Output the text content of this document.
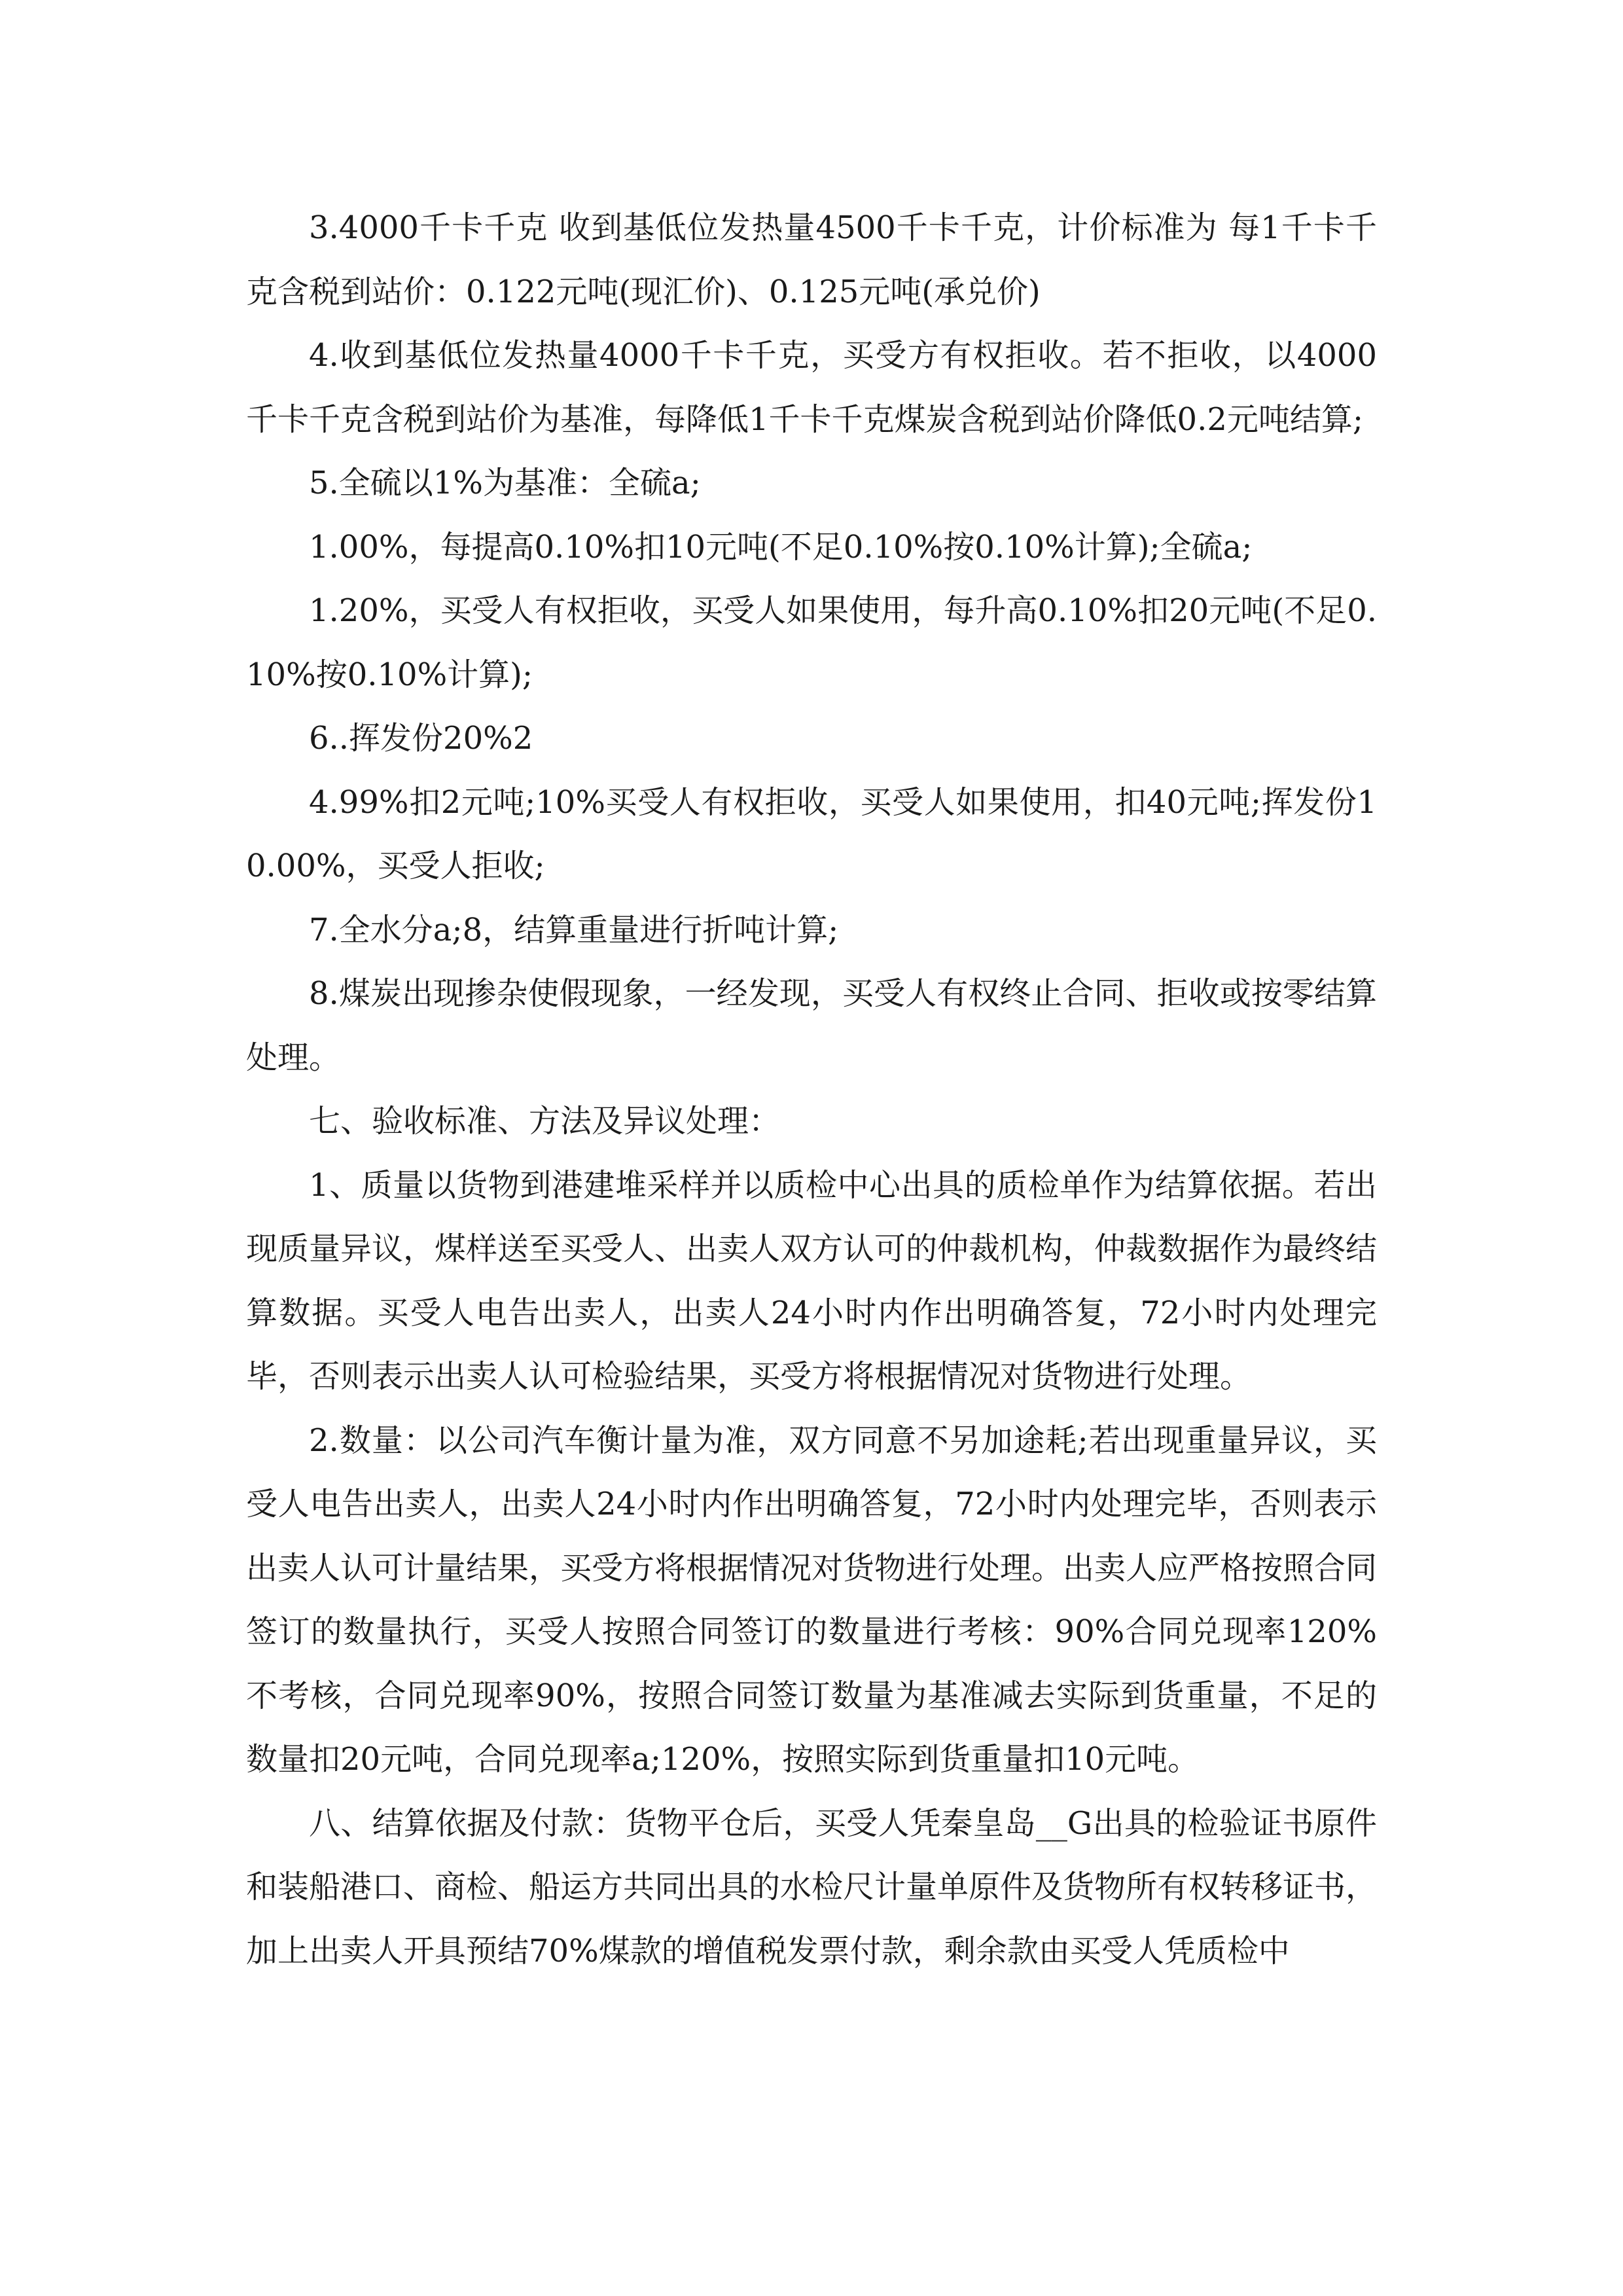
3.4000千卡千克 收到基低位发热量4500千卡千克，计价标准为 每1千卡千克含税到站价：0.122元吨(现汇价)、0.125元吨(承兑价)

4.收到基低位发热量4000千卡千克，买受方有权拒收。若不拒收，以4000千卡千克含税到站价为基准，每降低1千卡千克煤炭含税到站价降低0.2元吨结算;

5.全硫以1%为基准：全硫a;

1.00%，每提高0.10%扣10元吨(不足0.10%按0.10%计算);全硫a;

1.20%，买受人有权拒收，买受人如果使用，每升高0.10%扣20元吨(不足0.10%按0.10%计算);

6..挥发份20%2

4.99%扣2元吨;10%买受人有权拒收，买受人如果使用，扣40元吨;挥发份10.00%，买受人拒收;

7.全水分a;8，结算重量进行折吨计算;

8.煤炭出现掺杂使假现象，一经发现，买受人有权终止合同、拒收或按零结算处理。

七、验收标准、方法及异议处理：

1、质量以货物到港建堆采样并以质检中心出具的质检单作为结算依据。若出现质量异议，煤样送至买受人、出卖人双方认可的仲裁机构，仲裁数据作为最终结算数据。买受人电告出卖人，出卖人24小时内作出明确答复，72小时内处理完毕，否则表示出卖人认可检验结果，买受方将根据情况对货物进行处理。

2.数量：以公司汽车衡计量为准，双方同意不另加途耗;若出现重量异议，买受人电告出卖人，出卖人24小时内作出明确答复，72小时内处理完毕，否则表示出卖人认可计量结果，买受方将根据情况对货物进行处理。出卖人应严格按照合同签订的数量执行，买受人按照合同签订的数量进行考核：90%合同兑现率120%不考核，合同兑现率90%，按照合同签订数量为基准减去实际到货重量，不足的数量扣20元吨，合同兑现率a;120%，按照实际到货重量扣10元吨。

八、结算依据及付款：货物平仓后，买受人凭秦皇岛__G出具的检验证书原件和装船港口、商检、船运方共同出具的水检尺计量单原件及货物所有权转移证书，加上出卖人开具预结70%煤款的增值税发票付款，剩余款由买受人凭质检中
